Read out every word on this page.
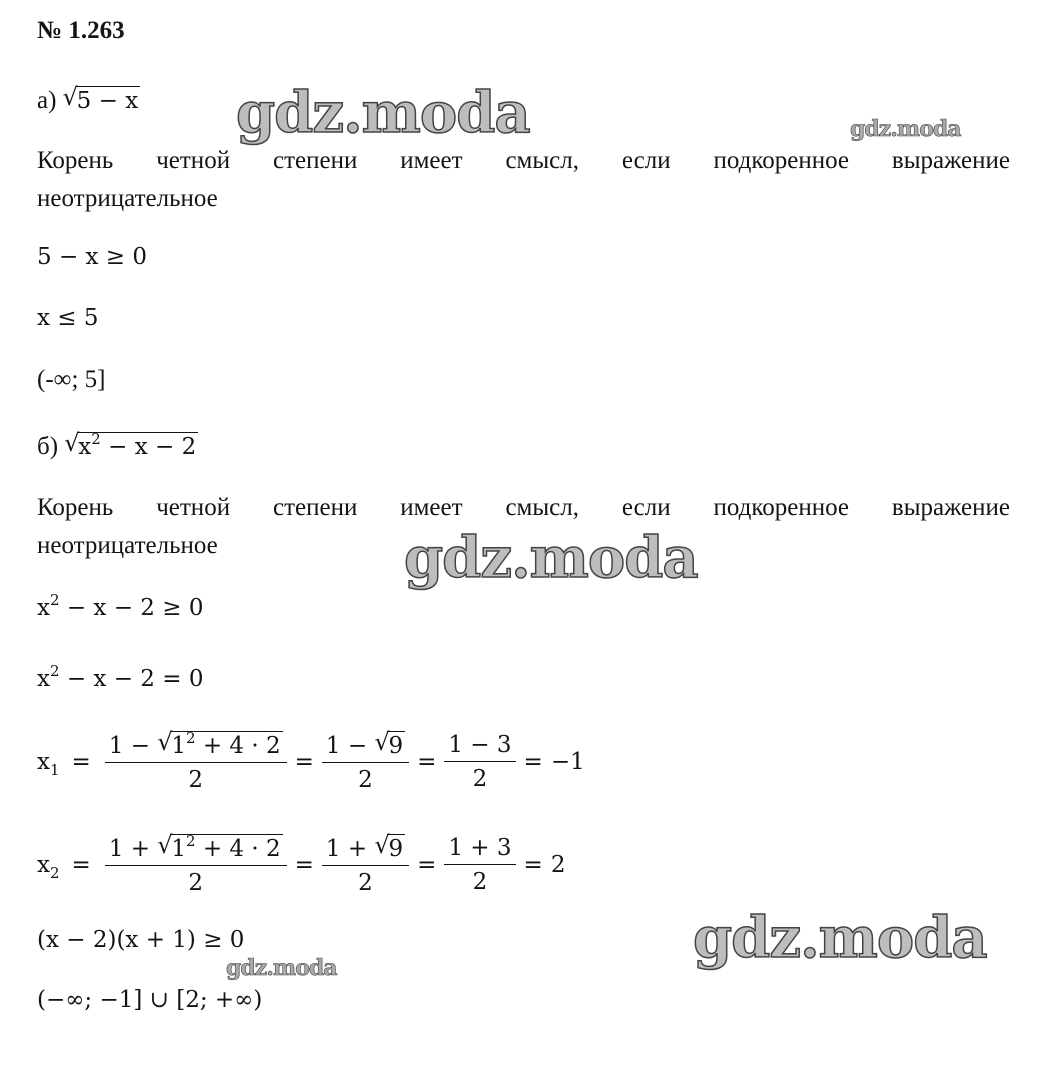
№ 1.263
а) √
5 − x
Корень четной степени имеет смысл, если подкоренное выражение
неотрицательное
5 − x ≥ 0
x ≤ 5
(-∞; 5]
б) √
$x^2 - x - 2$
Корень четной степени имеет смысл, если подкоренное выражение
неотрицательное
$x^2 - x - 2 \ge 0$
$x^2 - x - 2 = 0$
$x_1 = 1$ − √
$1^2 + 4 \cdot 2$
2 = 1 − √
9
$2 = \frac{1 - 3}{2} = -1$
$x_2 = 1$ + √
$1^2 + 4 \cdot 2$
2 = 1 + √
9
$2 = \frac{1 + 3}{2} = 2$
(x − 2)(x + 1) ≥ 0
(−∞; −1] ∪ [2; +∞)
gdz.moda	gdz.moda
gdz.moda
gdz.moda
gdz.moda
